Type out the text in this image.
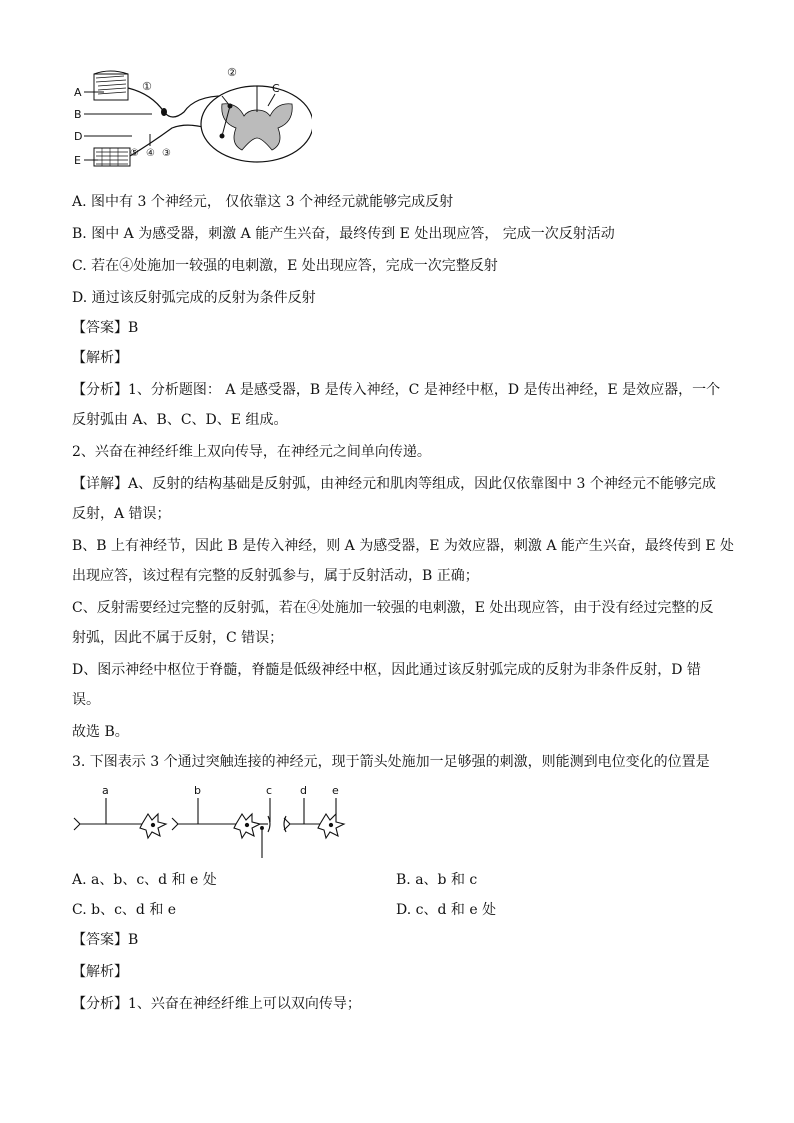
A
B
D
E
C
①
②
⑤ ④ ③
A. 图中有 3 个神经元， 仅依靠这 3 个神经元就能够完成反射
B. 图中 A 为感受器，刺激 A 能产生兴奋，最终传到 E 处出现应答， 完成一次反射活动
C. 若在④处施加一较强的电刺激，E 处出现应答，完成一次完整反射
D. 通过该反射弧完成的反射为条件反射
【答案】B
【解析】
【分析】1、分析题图： A 是感受器，B 是传入神经，C 是神经中枢，D 是传出神经，E 是效应器，一个
反射弧由 A、B、C、D、E 组成。
2、兴奋在神经纤维上双向传导，在神经元之间单向传递。
【详解】A、反射的结构基础是反射弧，由神经元和肌肉等组成，因此仅依靠图中 3 个神经元不能够完成
反射，A 错误；
B、B 上有神经节，因此 B 是传入神经，则 A 为感受器，E 为效应器，刺激 A 能产生兴奋，最终传到 E 处
出现应答，该过程有完整的反射弧参与，属于反射活动，B 正确；
C、反射需要经过完整的反射弧，若在④处施加一较强的电刺激，E 处出现应答，由于没有经过完整的反
射弧，因此不属于反射，C 错误；
D、图示神经中枢位于脊髓，脊髓是低级神经中枢，因此通过该反射弧完成的反射为非条件反射，D 错
误。
故选 B。
3. 下图表示 3 个通过突触连接的神经元，现于箭头处施加一足够强的刺激，则能测到电位变化的位置是
a	b	c	d e
A. a、b、c、d 和 e 处	B. a、b 和 c
C. b、c、d 和 e	D. c、d 和 e 处
【答案】B
【解析】
【分析】1、兴奋在神经纤维上可以双向传导；
